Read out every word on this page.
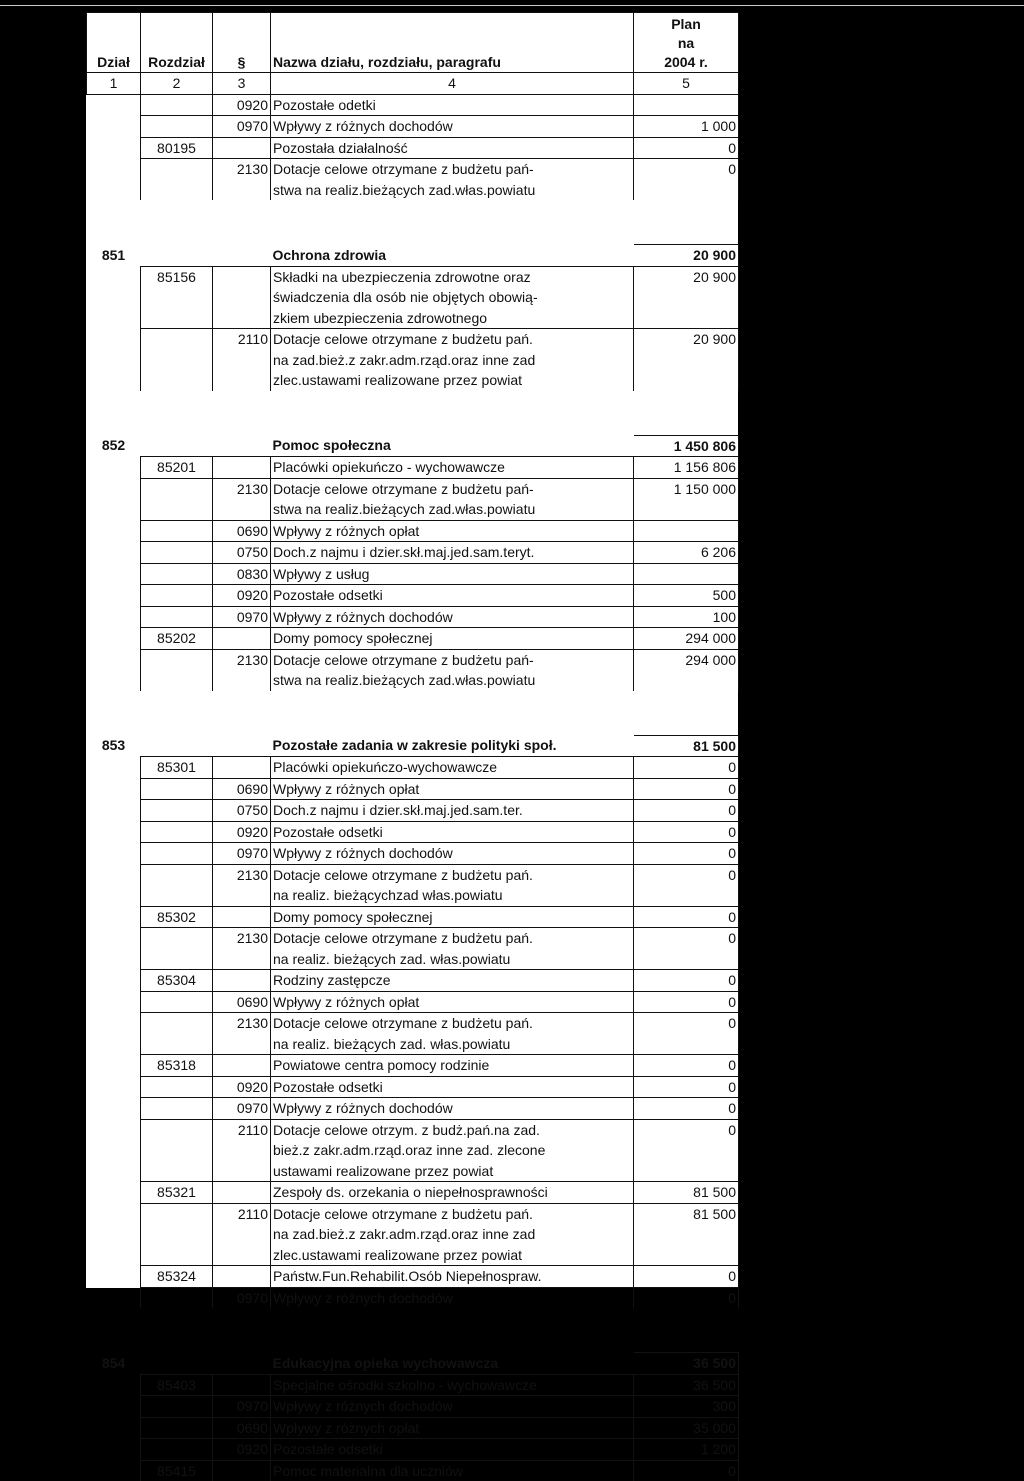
Dział	Rozdział	§	Nazwa działu, rozdziału, paragrafu	Plan
na
2004 r.

1	2	3	4	5
		0920	Pozostałe odetki	

		0970	Wpływy z różnych dochodów	1 000
	80195		Pozostała działalność	0
		2130	Dotacje celowe otrzymane z budżetu pań-
stwa na realiz.bieżących zad.włas.powiatu	0

851			Ochrona zdrowia	20 900
	85156		Składki na ubezpieczenia zdrowotne oraz
świadczenia dla osób nie objętych obowią-
zkiem ubezpieczenia zdrowotnego	20 900
		2110	Dotacje celowe otrzymane z budżetu pań.
na zad.bież.z zakr.adm.rząd.oraz inne zad
zlec.ustawami realizowane przez powiat	20 900

852			Pomoc społeczna	1 450 806
	85201		Placówki opiekuńczo - wychowawcze	1 156 806
		2130	Dotacje celowe otrzymane z budżetu pań-
stwa na realiz.bieżących zad.włas.powiatu	1 150 000
		0690	Wpływy z różnych opłat	

		0750	Doch.z najmu i dzier.skł.maj.jed.sam.teryt.	6 206
		0830	Wpływy z usług	

		0920	Pozostałe odsetki	500
		0970	Wpływy z różnych dochodów	100
	85202		Domy pomocy społecznej	294 000
		2130	Dotacje celowe otrzymane z budżetu pań-
stwa na realiz.bieżących zad.włas.powiatu	294 000

853			Pozostałe zadania w zakresie polityki społ.	81 500
	85301		Placówki opiekuńczo-wychowawcze	0
		0690	Wpływy z różnych opłat	0
		0750	Doch.z najmu i dzier.skł.maj.jed.sam.ter.	0
		0920	Pozostałe odsetki	0
		0970	Wpływy z różnych dochodów	0
		2130	Dotacje celowe otrzymane z budżetu pań.
na realiz. bieżącychzad włas.powiatu	0
	85302		Domy pomocy społecznej	0
		2130	Dotacje celowe otrzymane z budżetu pań.
na realiz. bieżących zad. włas.powiatu	0
	85304		Rodziny zastępcze	0
		0690	Wpływy z różnych opłat	0
		2130	Dotacje celowe otrzymane z budżetu pań.
na realiz. bieżących zad. włas.powiatu	0
	85318		Powiatowe centra pomocy rodzinie	0
		0920	Pozostałe odsetki	0
		0970	Wpływy z różnych dochodów	0
		2110	Dotacje celowe otrzym. z budż.pań.na zad.
bież.z zakr.adm.rząd.oraz inne zad. zlecone
ustawami realizowane przez powiat	0
	85321		Zespoły ds. orzekania o niepełnosprawności	81 500
		2110	Dotacje celowe otrzymane z budżetu pań.
na zad.bież.z zakr.adm.rząd.oraz inne zad
zlec.ustawami realizowane przez powiat	81 500
	85324		Państw.Fun.Rehabilit.Osób Niepełnospraw.	0
		0970	Wpływy z różnych dochodów	0

854			Edukacyjna opieka wychowawcza	36 500
	85403		Specjalne ośrodki szkolno - wychowawcze	36 500
		0970	Wpływy z różnych dochodów	300
		0690	Wpływy z różnych opłat	35 000
		0920	Pozostałe odsetki	1 200
	85415		Pomoc materialna dla uczniów	0
